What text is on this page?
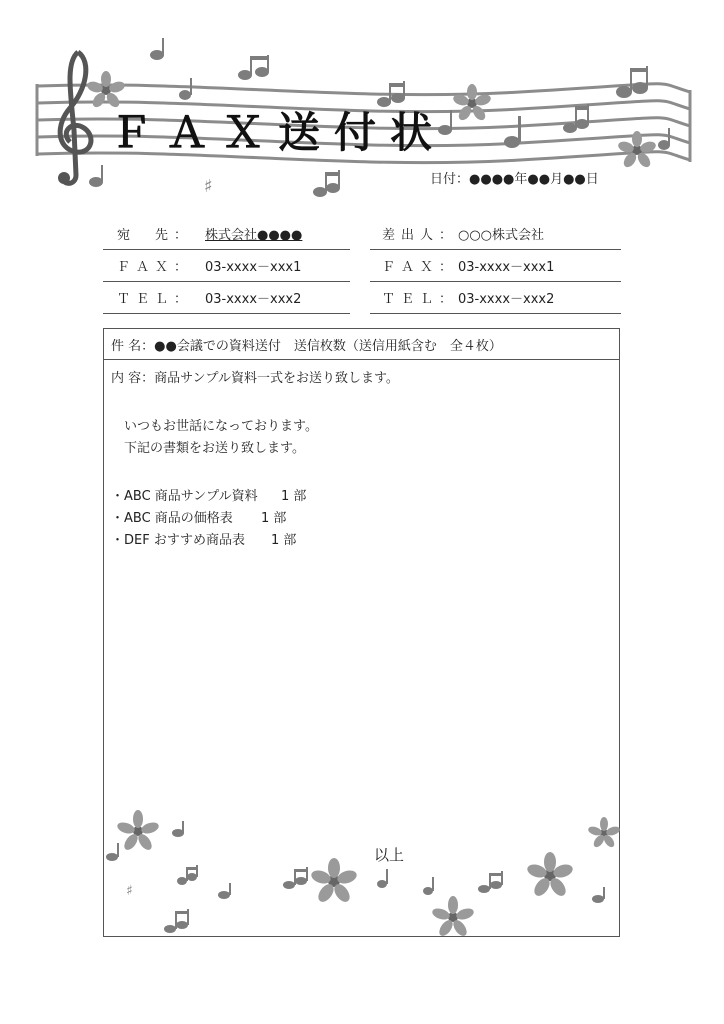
♯
ＦＡＸ送付状
日付：●●●●年●●月●●日
宛　先： 株式会社●●●●
ＦＡＸ： 03-xxxx－xxx1
ＴＥＬ： 03-xxxx－xxx2
差出人： ○○○株式会社
ＦＡＸ： 03-xxxx－xxx1
ＴＥＬ： 03-xxxx－xxx2
件 名：●●会議での資料送付　送信枚数（送信用紙含む　全４枚）
内 容：商品サンプル資料一式をお送り致します。
いつもお世話になっております。
下記の書類をお送り致します。
・ABC 商品サンプル資料	1 部
・ABC 商品の価格表	1 部
・DEF おすすめ商品表	1 部
以上
♯
